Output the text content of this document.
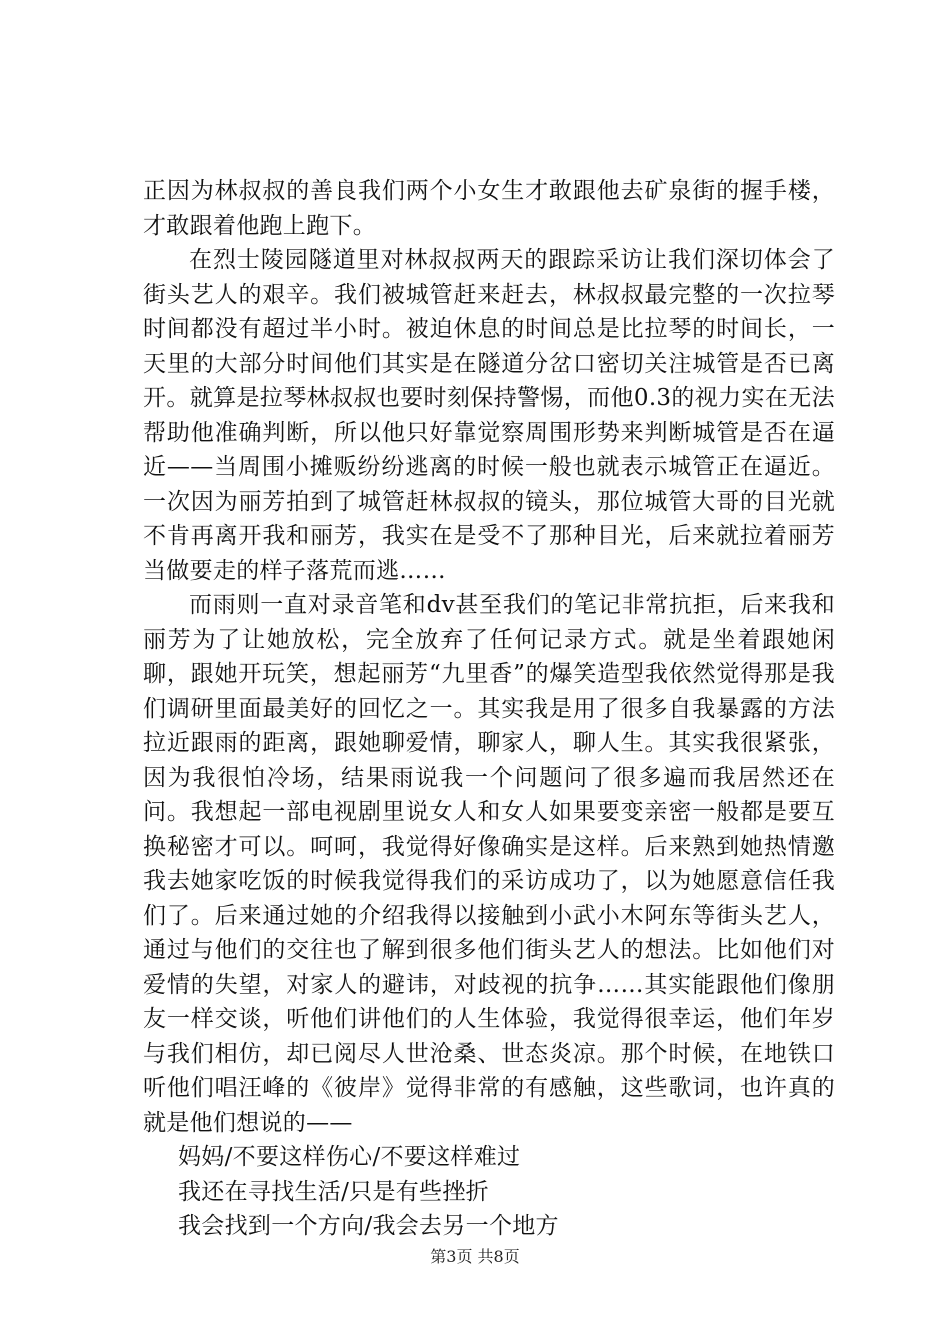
正因为林叔叔的善良我们两个小女生才敢跟他去矿泉街的握手楼，才敢跟着他跑上跑下。

在烈士陵园隧道里对林叔叔两天的跟踪采访让我们深切体会了街头艺人的艰辛。我们被城管赶来赶去，林叔叔最完整的一次拉琴时间都没有超过半小时。被迫休息的时间总是比拉琴的时间长，一天里的大部分时间他们其实是在隧道分岔口密切关注城管是否已离开。就算是拉琴林叔叔也要时刻保持警惕，而他0.3的视力实在无法帮助他准确判断，所以他只好靠觉察周围形势来判断城管是否在逼近——当周围小摊贩纷纷逃离的时候一般也就表示城管正在逼近。一次因为丽芳拍到了城管赶林叔叔的镜头，那位城管大哥的目光就不肯再离开我和丽芳，我实在是受不了那种目光，后来就拉着丽芳当做要走的样子落荒而逃……

而雨则一直对录音笔和dv甚至我们的笔记非常抗拒，后来我和丽芳为了让她放松，完全放弃了任何记录方式。就是坐着跟她闲聊，跟她开玩笑，想起丽芳“九里香”的爆笑造型我依然觉得那是我们调研里面最美好的回忆之一。其实我是用了很多自我暴露的方法拉近跟雨的距离，跟她聊爱情，聊家人，聊人生。其实我很紧张，因为我很怕冷场，结果雨说我一个问题问了很多遍而我居然还在问。我想起一部电视剧里说女人和女人如果要变亲密一般都是要互换秘密才可以。呵呵，我觉得好像确实是这样。后来熟到她热情邀我去她家吃饭的时候我觉得我们的采访成功了，以为她愿意信任我们了。后来通过她的介绍我得以接触到小武小木阿东等街头艺人，通过与他们的交往也了解到很多他们街头艺人的想法。比如他们对爱情的失望，对家人的避讳，对歧视的抗争……其实能跟他们像朋友一样交谈，听他们讲他们的人生体验，我觉得很幸运，他们年岁与我们相仿，却已阅尽人世沧桑、世态炎凉。那个时候，在地铁口听他们唱汪峰的《彼岸》觉得非常的有感触，这些歌词，也许真的就是他们想说的——

妈妈/不要这样伤心/不要这样难过
我还在寻找生活/只是有些挫折
我会找到一个方向/我会去另一个地方
第3页 共8页
